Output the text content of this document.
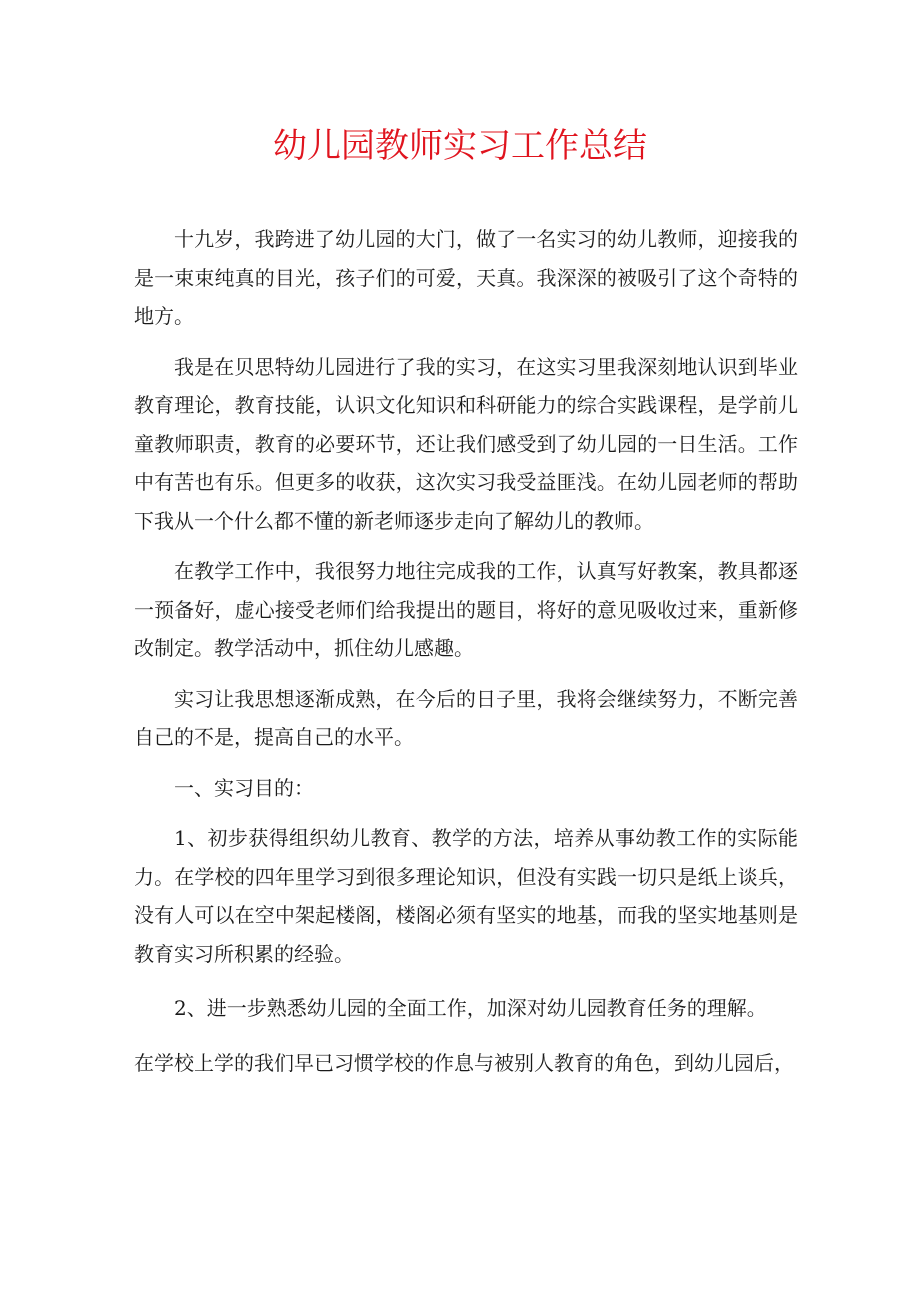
幼儿园教师实习工作总结

十九岁，我跨进了幼儿园的大门，做了一名实习的幼儿教师，迎接我的是一束束纯真的目光，孩子们的可爱，天真。我深深的被吸引了这个奇特的地方。

我是在贝思特幼儿园进行了我的实习，在这实习里我深刻地认识到毕业教育理论，教育技能，认识文化知识和科研能力的综合实践课程，是学前儿童教师职责，教育的必要环节，还让我们感受到了幼儿园的一日生活。工作中有苦也有乐。但更多的收获，这次实习我受益匪浅。在幼儿园老师的帮助下我从一个什么都不懂的新老师逐步走向了解幼儿的教师。

在教学工作中，我很努力地往完成我的工作，认真写好教案，教具都逐一预备好，虚心接受老师们给我提出的题目，将好的意见吸收过来，重新修改制定。教学活动中，抓住幼儿感趣。

实习让我思想逐渐成熟，在今后的日子里，我将会继续努力，不断完善自己的不是，提高自己的水平。

一、实习目的：

1、初步获得组织幼儿教育、教学的方法，培养从事幼教工作的实际能力。在学校的四年里学习到很多理论知识，但没有实践一切只是纸上谈兵，没有人可以在空中架起楼阁，楼阁必须有坚实的地基，而我的坚实地基则是教育实习所积累的经验。

2、进一步熟悉幼儿园的全面工作，加深对幼儿园教育任务的理解。

在学校上学的我们早已习惯学校的作息与被别人教育的角色，到幼儿园后，
